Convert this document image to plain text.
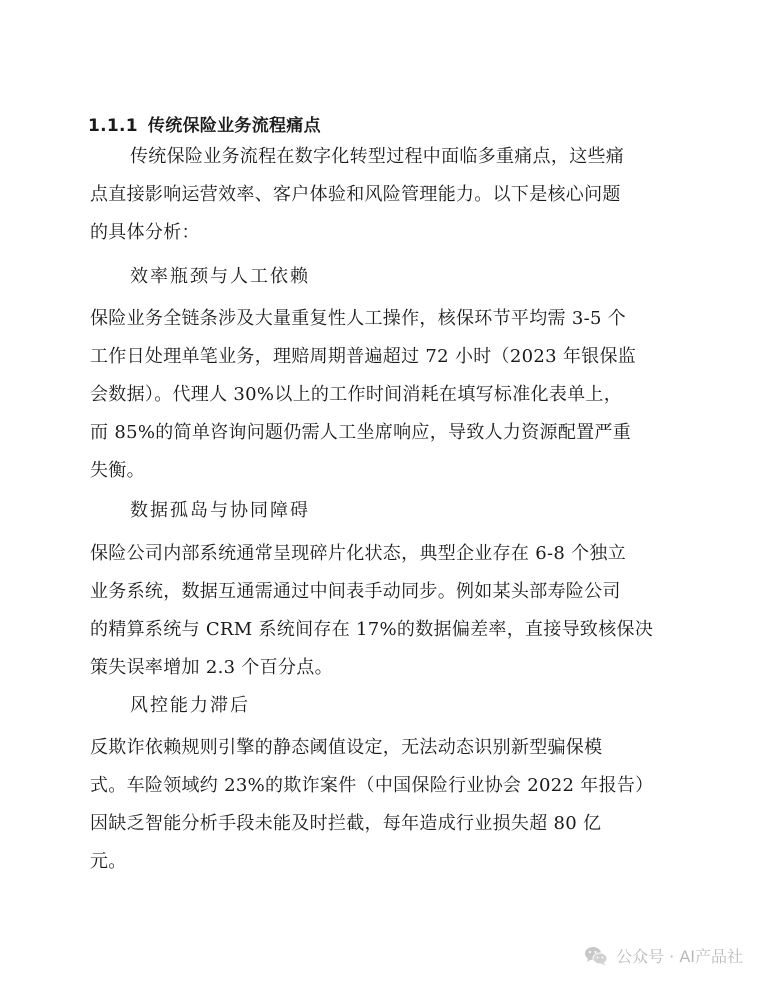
1.1.1 传统保险业务流程痛点
传统保险业务流程在数字化转型过程中面临多重痛点，这些痛
点直接影响运营效率、客户体验和风险管理能力。以下是核心问题
的具体分析：
效率瓶颈与人工依赖
保险业务全链条涉及大量重复性人工操作，核保环节平均需 3-5 个
工作日处理单笔业务，理赔周期普遍超过 72 小时（2023 年银保监
会数据）。代理人 30%以上的工作时间消耗在填写标准化表单上，
而 85%的简单咨询问题仍需人工坐席响应，导致人力资源配置严重
失衡。
数据孤岛与协同障碍
保险公司内部系统通常呈现碎片化状态，典型企业存在 6-8 个独立
业务系统，数据互通需通过中间表手动同步。例如某头部寿险公司
的精算系统与 CRM 系统间存在 17%的数据偏差率，直接导致核保决
策失误率增加 2.3 个百分点。
风控能力滞后
反欺诈依赖规则引擎的静态阈值设定，无法动态识别新型骗保模
式。车险领域约 23%的欺诈案件（中国保险行业协会 2022 年报告）
因缺乏智能分析手段未能及时拦截，每年造成行业损失超 80 亿
元。
公众号 · AI产品社
